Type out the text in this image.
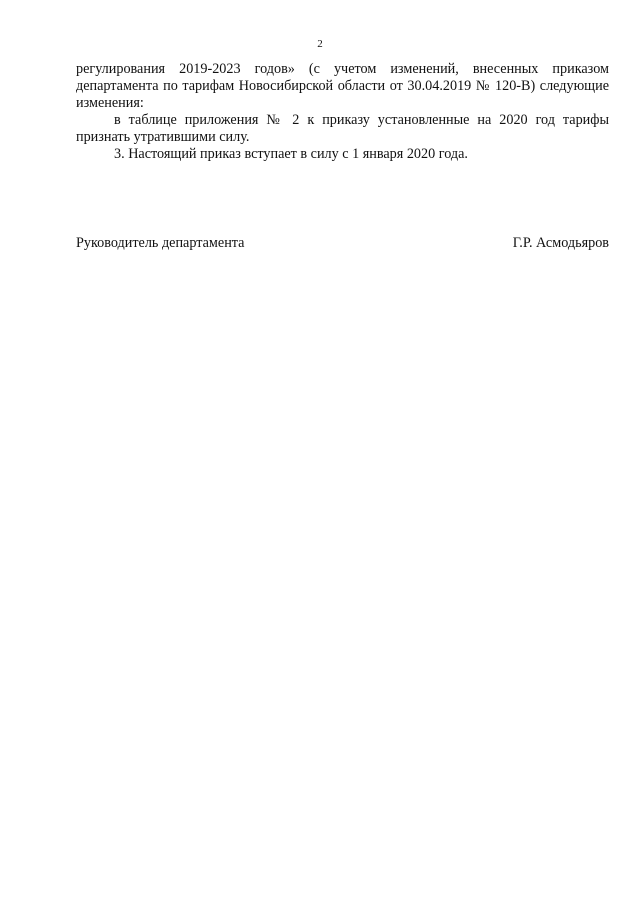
2

регулирования 2019-2023 годов» (с учетом изменений, внесенных приказом департамента по тарифам Новосибирской области от 30.04.2019 № 120-В) следующие изменения:

в таблице приложения № 2 к приказу установленные на 2020 год тарифы признать утратившими силу.

3. Настоящий приказ вступает в силу с 1 января 2020 года.

Руководитель департамента	Г.Р. Асмодьяров
